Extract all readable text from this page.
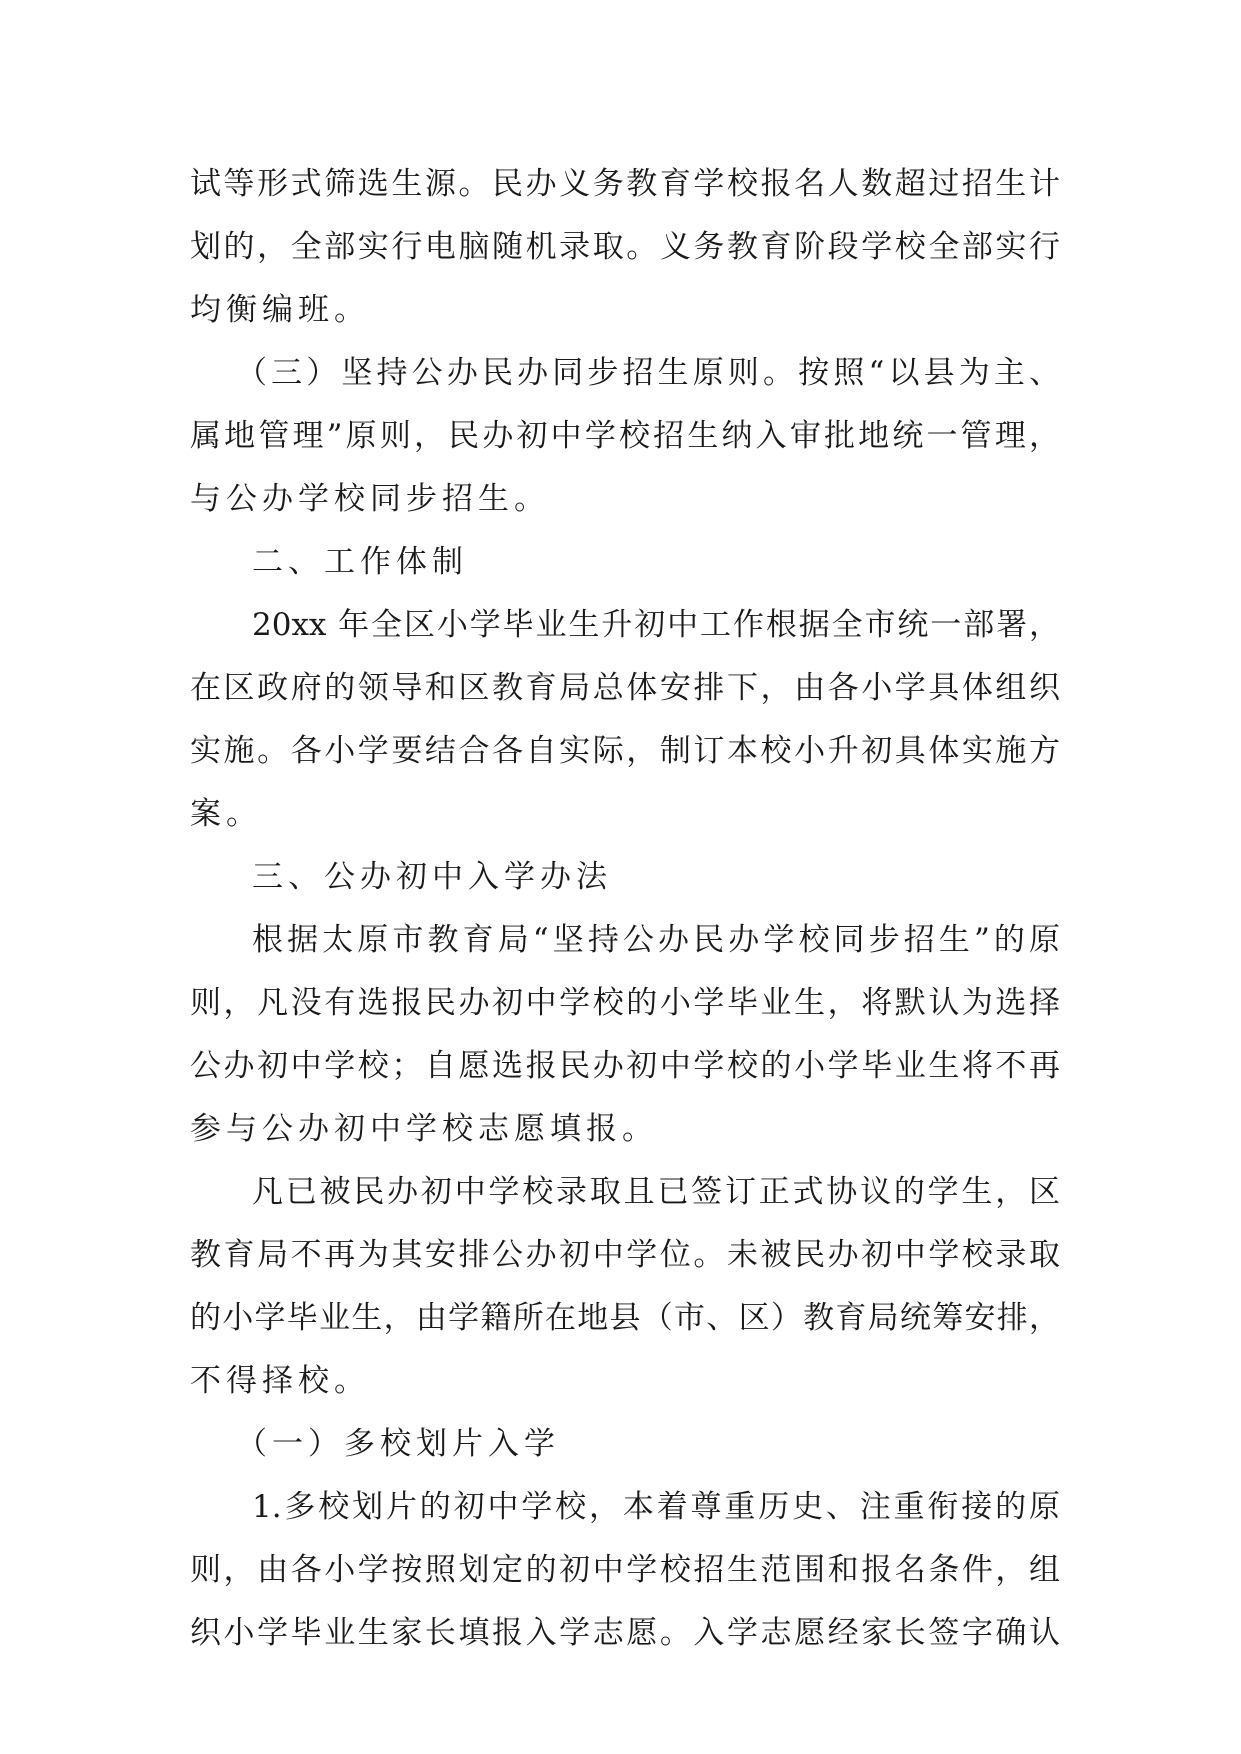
试等形式筛选生源。民办义务教育学校报名人数超过招生计
划的，全部实行电脑随机录取。义务教育阶段学校全部实行
均衡编班。
（三）坚持公办民办同步招生原则。按照“以县为主、
属地管理”原则，民办初中学校招生纳入审批地统一管理，
与公办学校同步招生。
二、工作体制
20xx 年全区小学毕业生升初中工作根据全市统一部署，
在区政府的领导和区教育局总体安排下，由各小学具体组织
实施。各小学要结合各自实际，制订本校小升初具体实施方
案。
三、公办初中入学办法
根据太原市教育局“坚持公办民办学校同步招生”的原
则，凡没有选报民办初中学校的小学毕业生，将默认为选择
公办初中学校；自愿选报民办初中学校的小学毕业生将不再
参与公办初中学校志愿填报。
凡已被民办初中学校录取且已签订正式协议的学生，区
教育局不再为其安排公办初中学位。未被民办初中学校录取
的小学毕业生，由学籍所在地县（市、区）教育局统筹安排，
不得择校。
（一）多校划片入学
1.多校划片的初中学校，本着尊重历史、注重衔接的原
则，由各小学按照划定的初中学校招生范围和报名条件，组
织小学毕业生家长填报入学志愿。入学志愿经家长签字确认
